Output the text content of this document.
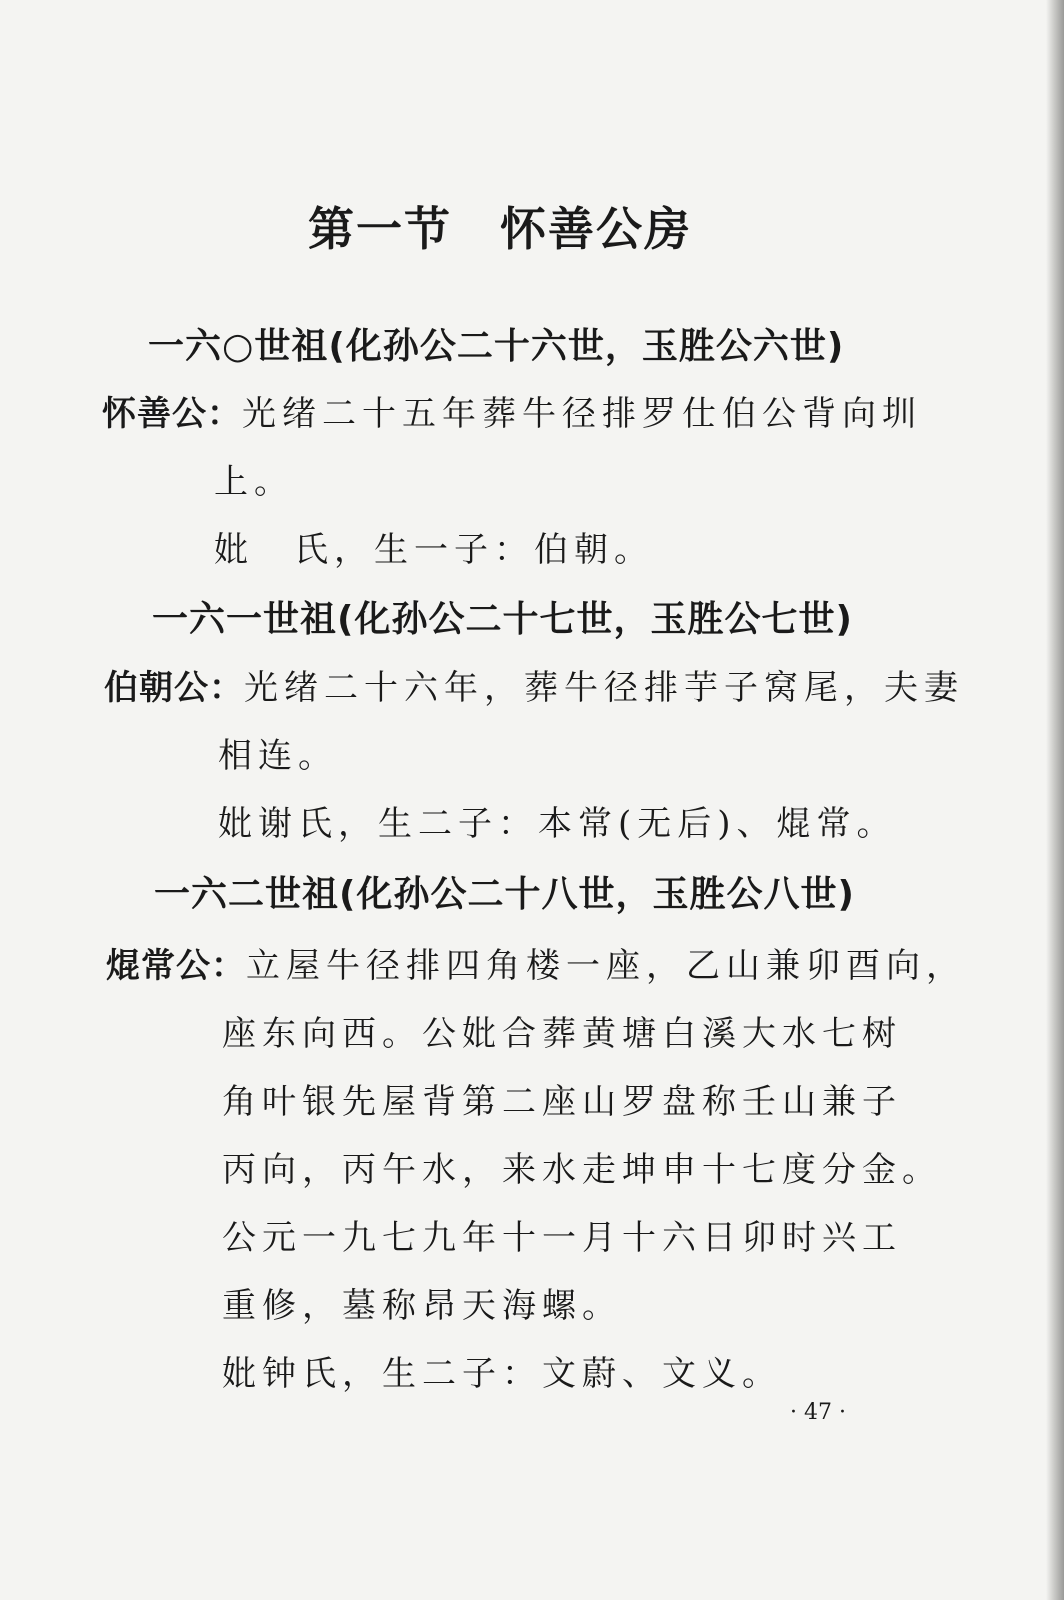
第一节　怀善公房
一六○世祖(化孙公二十六世，玉胜公六世)

怀善公：光绪二十五年葬牛径排罗仕伯公背向圳

上。

妣　氏，生一子：伯朝。

一六一世祖(化孙公二十七世，玉胜公七世)

伯朝公：光绪二十六年，葬牛径排芋子窝尾，夫妻

相连。

妣谢氏，生二子：本常(无后)、焜常。

一六二世祖(化孙公二十八世，玉胜公八世)

焜常公：立屋牛径排四角楼一座，乙山兼卯酉向，

座东向西。公妣合葬黄塘白溪大水七树

角叶银先屋背第二座山罗盘称壬山兼子

丙向，丙午水，来水走坤申十七度分金。

公元一九七九年十一月十六日卯时兴工

重修，墓称昂天海螺。

妣钟氏，生二子：文蔚、文义。

· 47 ·
